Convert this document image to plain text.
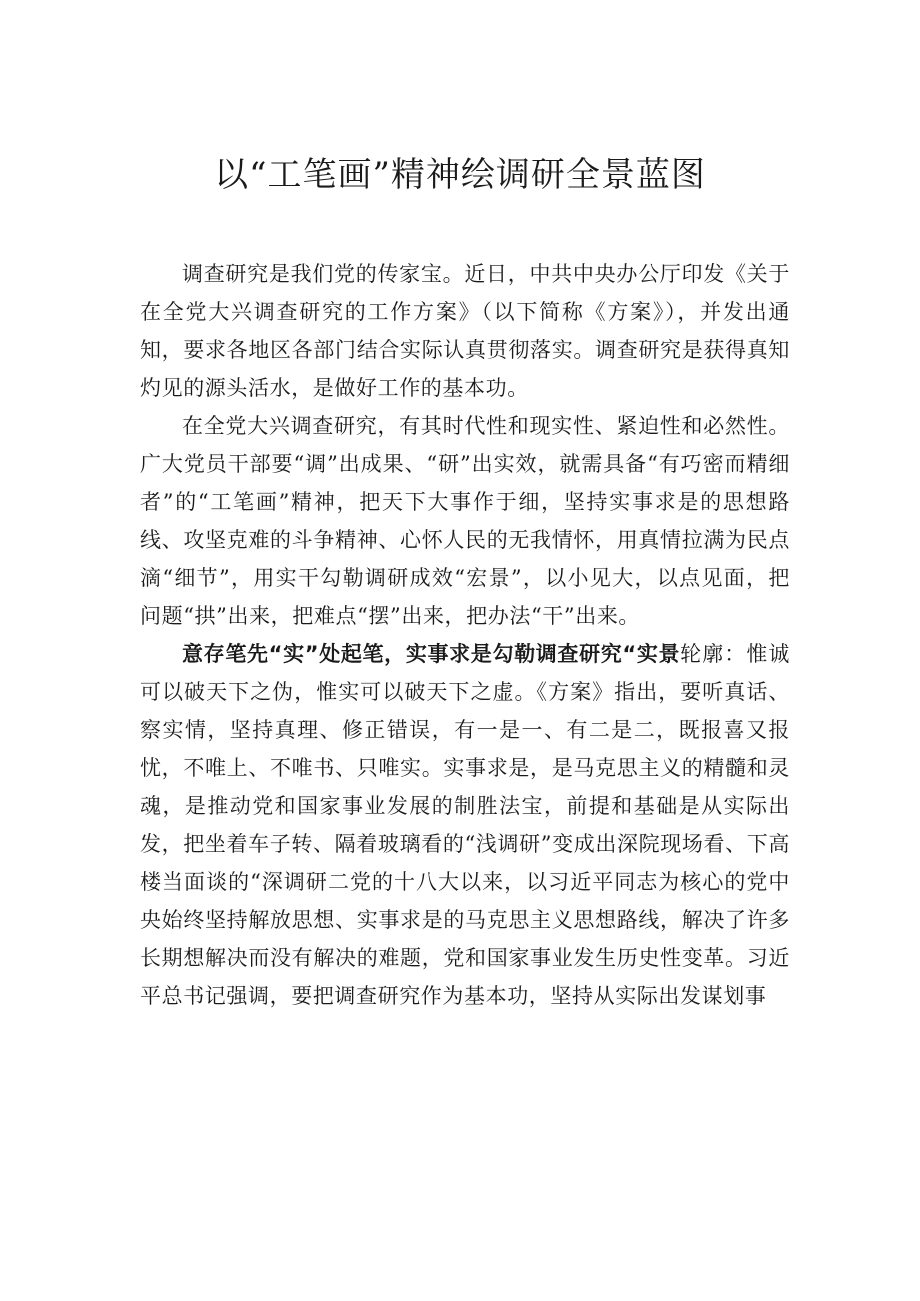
以“工笔画”精神绘调研全景蓝图

调查研究是我们党的传家宝。近日，中共中央办公厅印发《关于在全党大兴调查研究的工作方案》（以下简称《方案》），并发出通知，要求各地区各部门结合实际认真贯彻落实。调查研究是获得真知灼见的源头活水，是做好工作的基本功。

在全党大兴调查研究，有其时代性和现实性、紧迫性和必然性。广大党员干部要“调”出成果、“研”出实效，就需具备“有巧密而精细者”的“工笔画”精神，把天下大事作于细，坚持实事求是的思想路线、攻坚克难的斗争精神、心怀人民的无我情怀，用真情拉满为民点滴“细节”，用实干勾勒调研成效“宏景”，以小见大，以点见面，把问题“拱”出来，把难点“摆”出来，把办法“干”出来。

意存笔先“实”处起笔，实事求是勾勒调查研究“实景轮廓：惟诚可以破天下之伪，惟实可以破天下之虚。《方案》指出，要听真话、察实情，坚持真理、修正错误，有一是一、有二是二，既报喜又报忧，不唯上、不唯书、只唯实。实事求是，是马克思主义的精髓和灵魂，是推动党和国家事业发展的制胜法宝，前提和基础是从实际出发，把坐着车子转、隔着玻璃看的“浅调研”变成出深院现场看、下高楼当面谈的“深调研二党的十八大以来，以习近平同志为核心的党中央始终坚持解放思想、实事求是的马克思主义思想路线，解决了许多长期想解决而没有解决的难题，党和国家事业发生历史性变革。习近平总书记强调，要把调查研究作为基本功，坚持从实际出发谋划事
